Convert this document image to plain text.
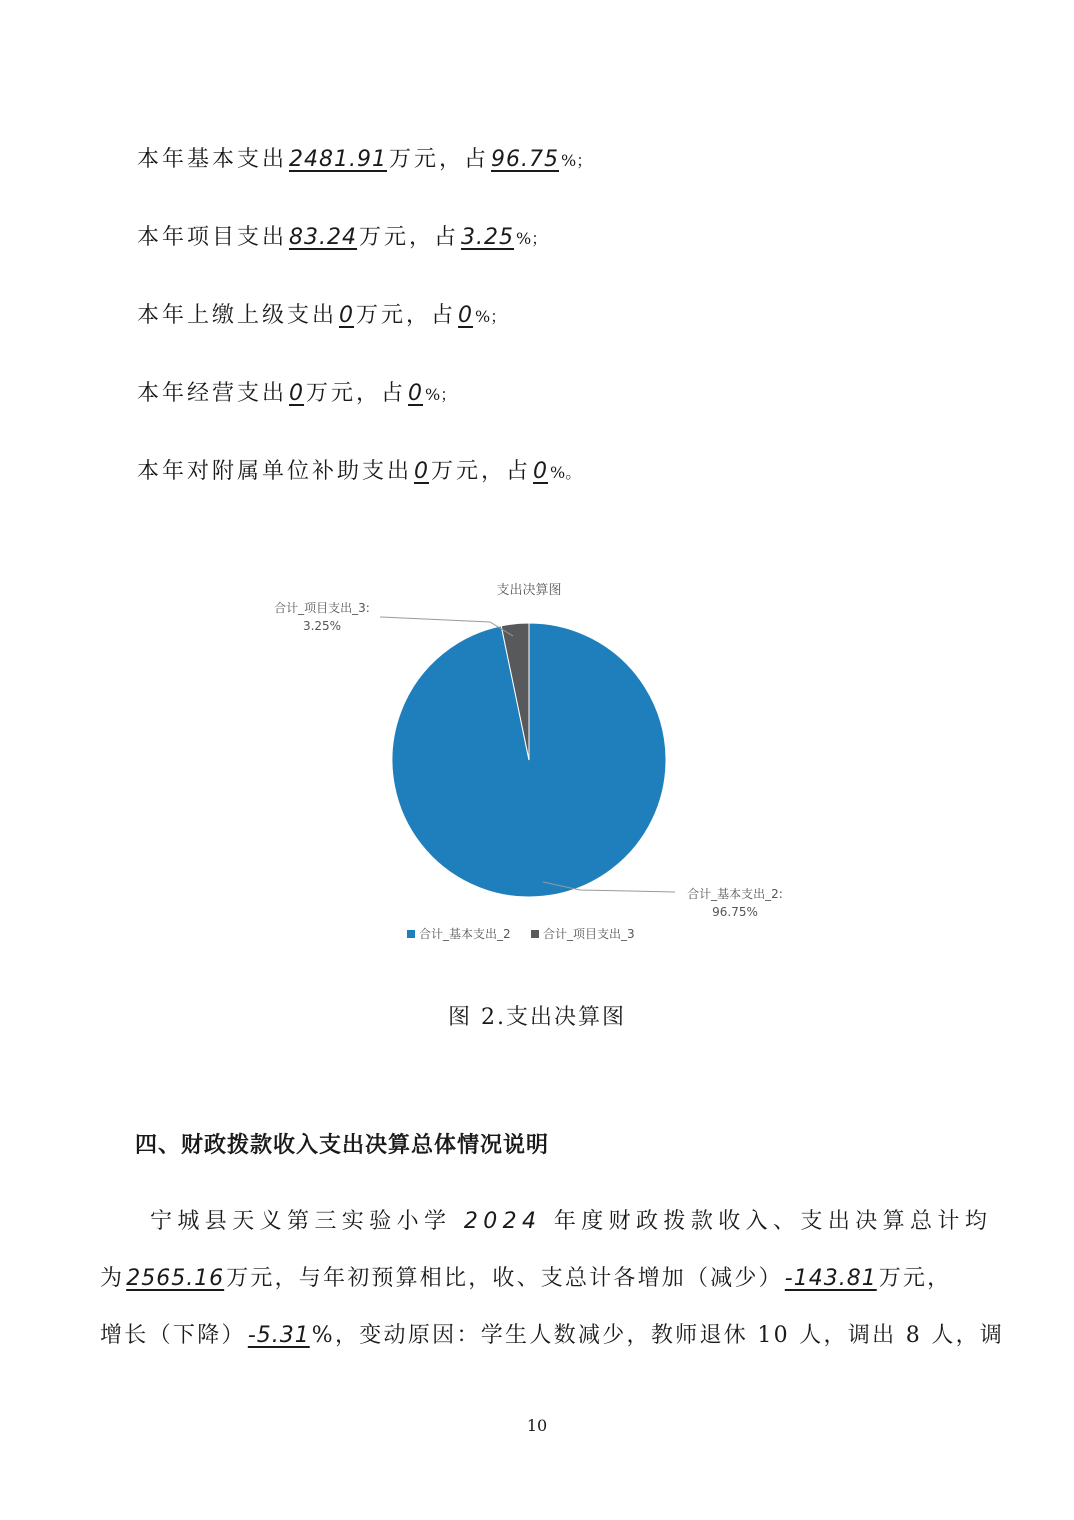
本年基本支出2481.91万元，占96.75 %；
本年项目支出83.24万元，占3.25 %；
本年上缴上级支出0万元，占0 %；
本年经营支出0万元，占0 %；
本年对附属单位补助支出0万元，占0 %。
支出决算图
合计_项目支出_3:
3.25%
合计_基本支出_2:
96.75%
合计_基本支出_2	合计_项目支出_3
图 2.支出决算图
四、财政拨款收入支出决算总体情况说明
宁城县天义第三实验小学 2024 年度财政拨款收入、支出决算总计均
为2565.16万元，与年初预算相比，收、支总计各增加（减少）-143.81万元，
增长（下降）-5.31%，变动原因：学生人数减少，教师退休 10 人，调出 8 人，调
10
